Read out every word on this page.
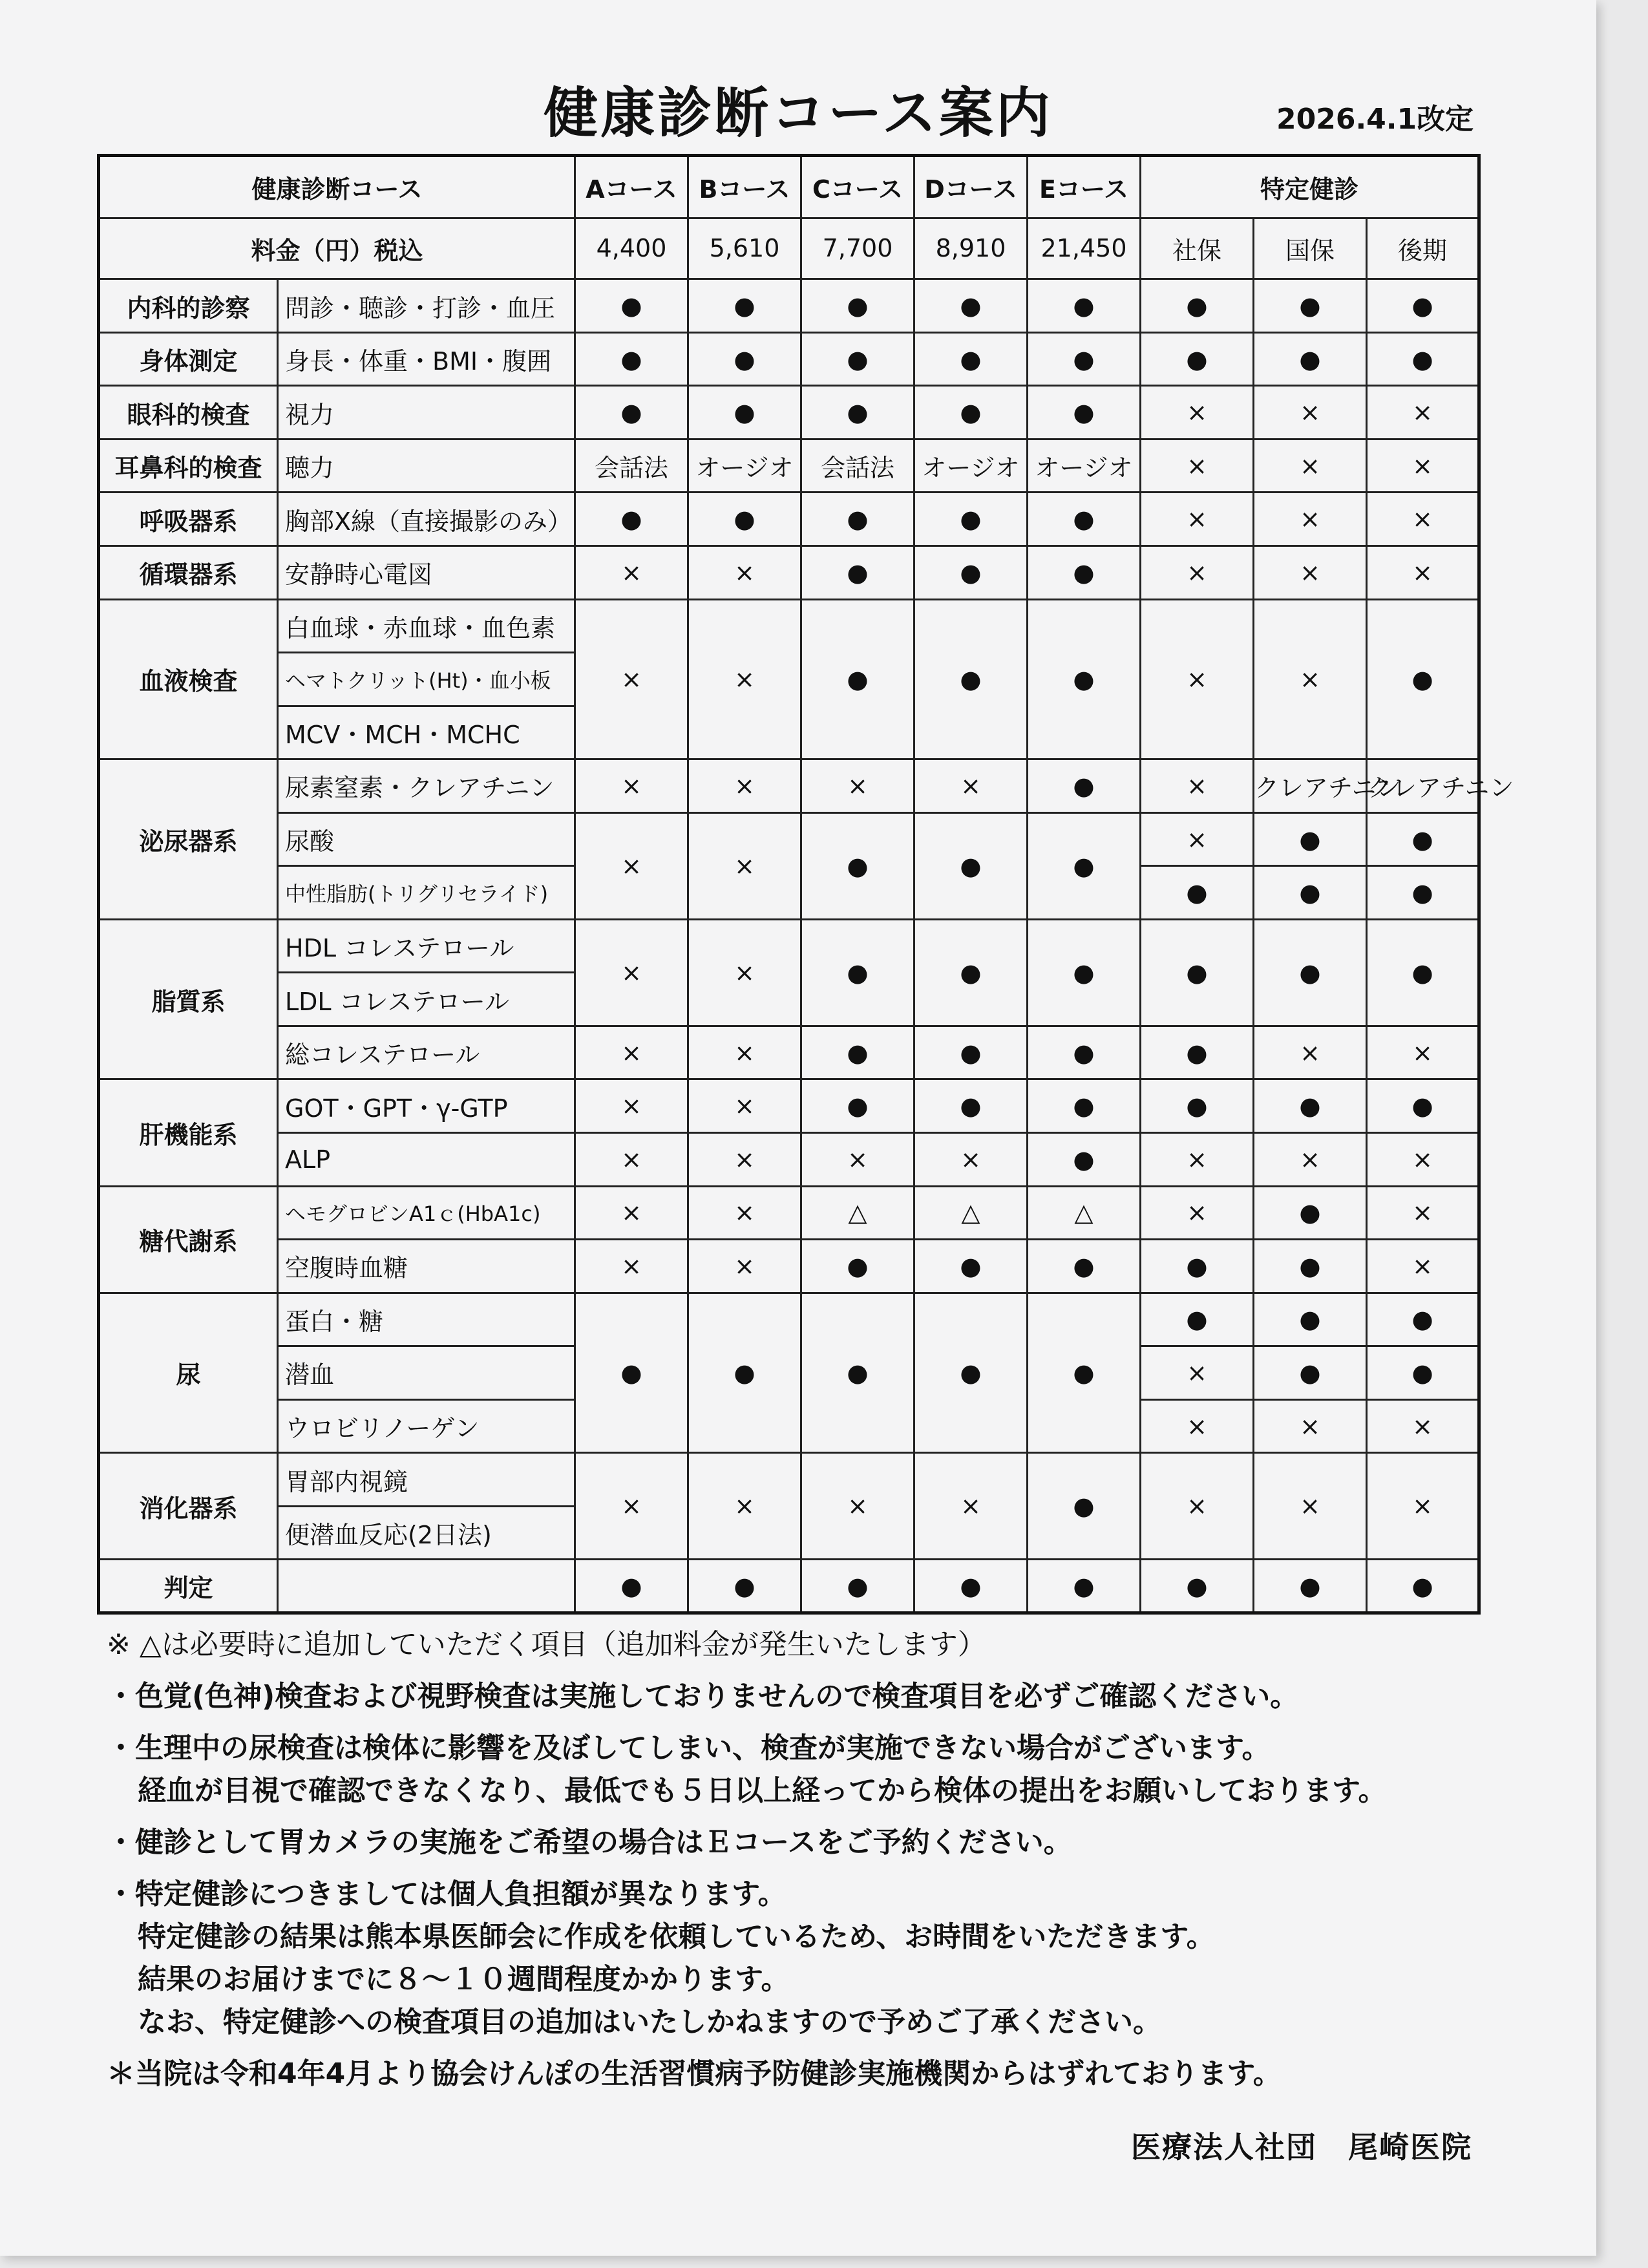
健康診断コース案内	2026.4.1改定
健康診断コース		Aコース	Bコース	Cコース	Dコース	Eコース	特定健診		
料金（円）税込		4,400	5,610	7,700	8,910	21,450	社保	国保	後期
内科的診察	問診・聴診・打診・血圧	●	●	●	●	●	●	●	●
身体測定	身長・体重・BMI・腹囲	●	●	●	●	●	●	●	●
眼科的検査	視力	●	●	●	●	●	×	×	×
耳鼻科的検査	聴力	会話法	オージオ	会話法	オージオ	オージオ	×	×	×
呼吸器系	胸部X線（直接撮影のみ）	●	●	●	●	●	×	×	×
循環器系	安静時心電図	×	×	●	●	●	×	×	×
血液検査	白血球・赤血球・血色素	×	×	●	●	●	×	×	●
	ヘマトクリット(Ht)・血小板								
	MCV・MCH・MCHC								
泌尿器系	尿素窒素・クレアチニン	×	×	×	×	●	×	クレアチニン	クレアチニン
	尿酸	×	×	●	●	●	×	●	●
	中性脂肪(トリグリセライド)						●	●	●
脂質系	HDL コレステロール	×	×	●	●	●	●	●	●
	LDL コレステロール								
	総コレステロール	×	×	●	●	●	●	×	×
肝機能系	GOT・GPT・γ-GTP	×	×	●	●	●	●	●	●
	ALP	×	×	×	×	●	×	×	×
糖代謝系	ヘモグロビンA1ｃ(HbA1c)	×	×	△	△	△	×	●	×
	空腹時血糖	×	×	●	●	●	●	●	×
尿	蛋白・糖	●	●	●	●	●	●	●	●
	潜血						×	●	●
	ウロビリノーゲン						×	×	×
消化器系	胃部内視鏡	×	×	×	×	●	×	×	×
	便潜血反応(2日法)								
判定		●	●	●	●	●	●	●	●
※ △は必要時に追加していただく項目（追加料金が発生いたします）
・色覚(色神)検査および視野検査は実施しておりませんので検査項目を必ずご確認ください。
・生理中の尿検査は検体に影響を及ぼしてしまい、検査が実施できない場合がございます。
経血が目視で確認できなくなり、最低でも５日以上経ってから検体の提出をお願いしております。
・健診として胃カメラの実施をご希望の場合はＥコースをご予約ください。
・特定健診につきましては個人負担額が異なります。
特定健診の結果は熊本県医師会に作成を依頼しているため、お時間をいただきます。
結果のお届けまでに８～１０週間程度かかります。
なお、特定健診への検査項目の追加はいたしかねますので予めご了承ください。
＊当院は令和4年4月より協会けんぽの生活習慣病予防健診実施機関からはずれております。
医療法人社団　尾崎医院
